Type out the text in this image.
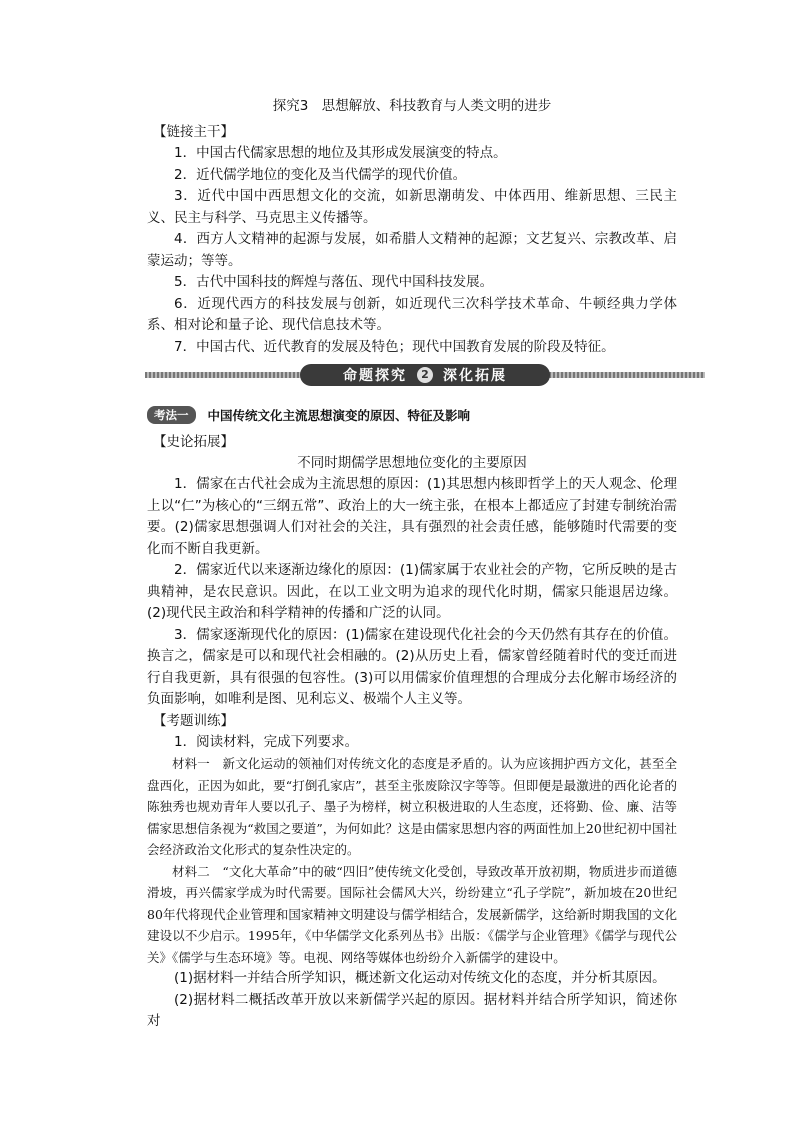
探究3　思想解放、科技教育与人类文明的进步
【链接主干】

1．中国古代儒家思想的地位及其形成发展演变的特点。

2．近代儒学地位的变化及当代儒学的现代价值。

3．近代中国中西思想文化的交流，如新思潮萌发、中体西用、维新思想、三民主义、民主与科学、马克思主义传播等。

4．西方人文精神的起源与发展，如希腊人文精神的起源；文艺复兴、宗教改革、启蒙运动；等等。

5．古代中国科技的辉煌与落伍、现代中国科技发展。

6．近现代西方的科技发展与创新，如近现代三次科学技术革命、牛顿经典力学体系、相对论和量子论、现代信息技术等。

7．中国古代、近代教育的发展及特色；现代中国教育发展的阶段及特征。

命题探究	2 深化拓展
考法一	中国传统文化主流思想演变的原因、特征及影响
【史论拓展】

不同时期儒学思想地位变化的主要原因

1．儒家在古代社会成为主流思想的原因：(1)其思想内核即哲学上的天人观念、伦理上以“仁”为核心的“三纲五常”、政治上的大一统主张，在根本上都适应了封建专制统治需要。(2)儒家思想强调人们对社会的关注，具有强烈的社会责任感，能够随时代需要的变化而不断自我更新。

2．儒家近代以来逐渐边缘化的原因：(1)儒家属于农业社会的产物，它所反映的是古典精神，是农民意识。因此，在以工业文明为追求的现代化时期，儒家只能退居边缘。(2)现代民主政治和科学精神的传播和广泛的认同。

3．儒家逐渐现代化的原因：(1)儒家在建设现代化社会的今天仍然有其存在的价值。换言之，儒家是可以和现代社会相融的。(2)从历史上看，儒家曾经随着时代的变迁而进行自我更新，具有很强的包容性。(3)可以用儒家价值理想的合理成分去化解市场经济的负面影响，如唯利是图、见利忘义、极端个人主义等。

【考题训练】

1．阅读材料，完成下列要求。

材料一　新文化运动的领袖们对传统文化的态度是矛盾的。认为应该拥护西方文化，甚至全盘西化，正因为如此，要“打倒孔家店”，甚至主张废除汉字等等。但即便是最激进的西化论者的陈独秀也规劝青年人要以孔子、墨子为榜样，树立积极进取的人生态度，还将勤、俭、廉、洁等儒家思想信条视为“救国之要道”，为何如此？这是由儒家思想内容的两面性加上20世纪初中国社会经济政治文化形式的复杂性决定的。

材料二　“文化大革命”中的破“四旧”使传统文化受创，导致改革开放初期，物质进步而道德滑坡，再兴儒家学成为时代需要。国际社会儒风大兴，纷纷建立“孔子学院”，新加坡在20世纪80年代将现代企业管理和国家精神文明建设与儒学相结合，发展新儒学，这给新时期我国的文化建设以不少启示。1995年，《中华儒学文化系列丛书》出版：《儒学与企业管理》《儒学与现代公关》《儒学与生态环境》等。电视、网络等媒体也纷纷介入新儒学的建设中。

(1)据材料一并结合所学知识，概述新文化运动对传统文化的态度，并分析其原因。

(2)据材料二概括改革开放以来新儒学兴起的原因。据材料并结合所学知识，简述你对
